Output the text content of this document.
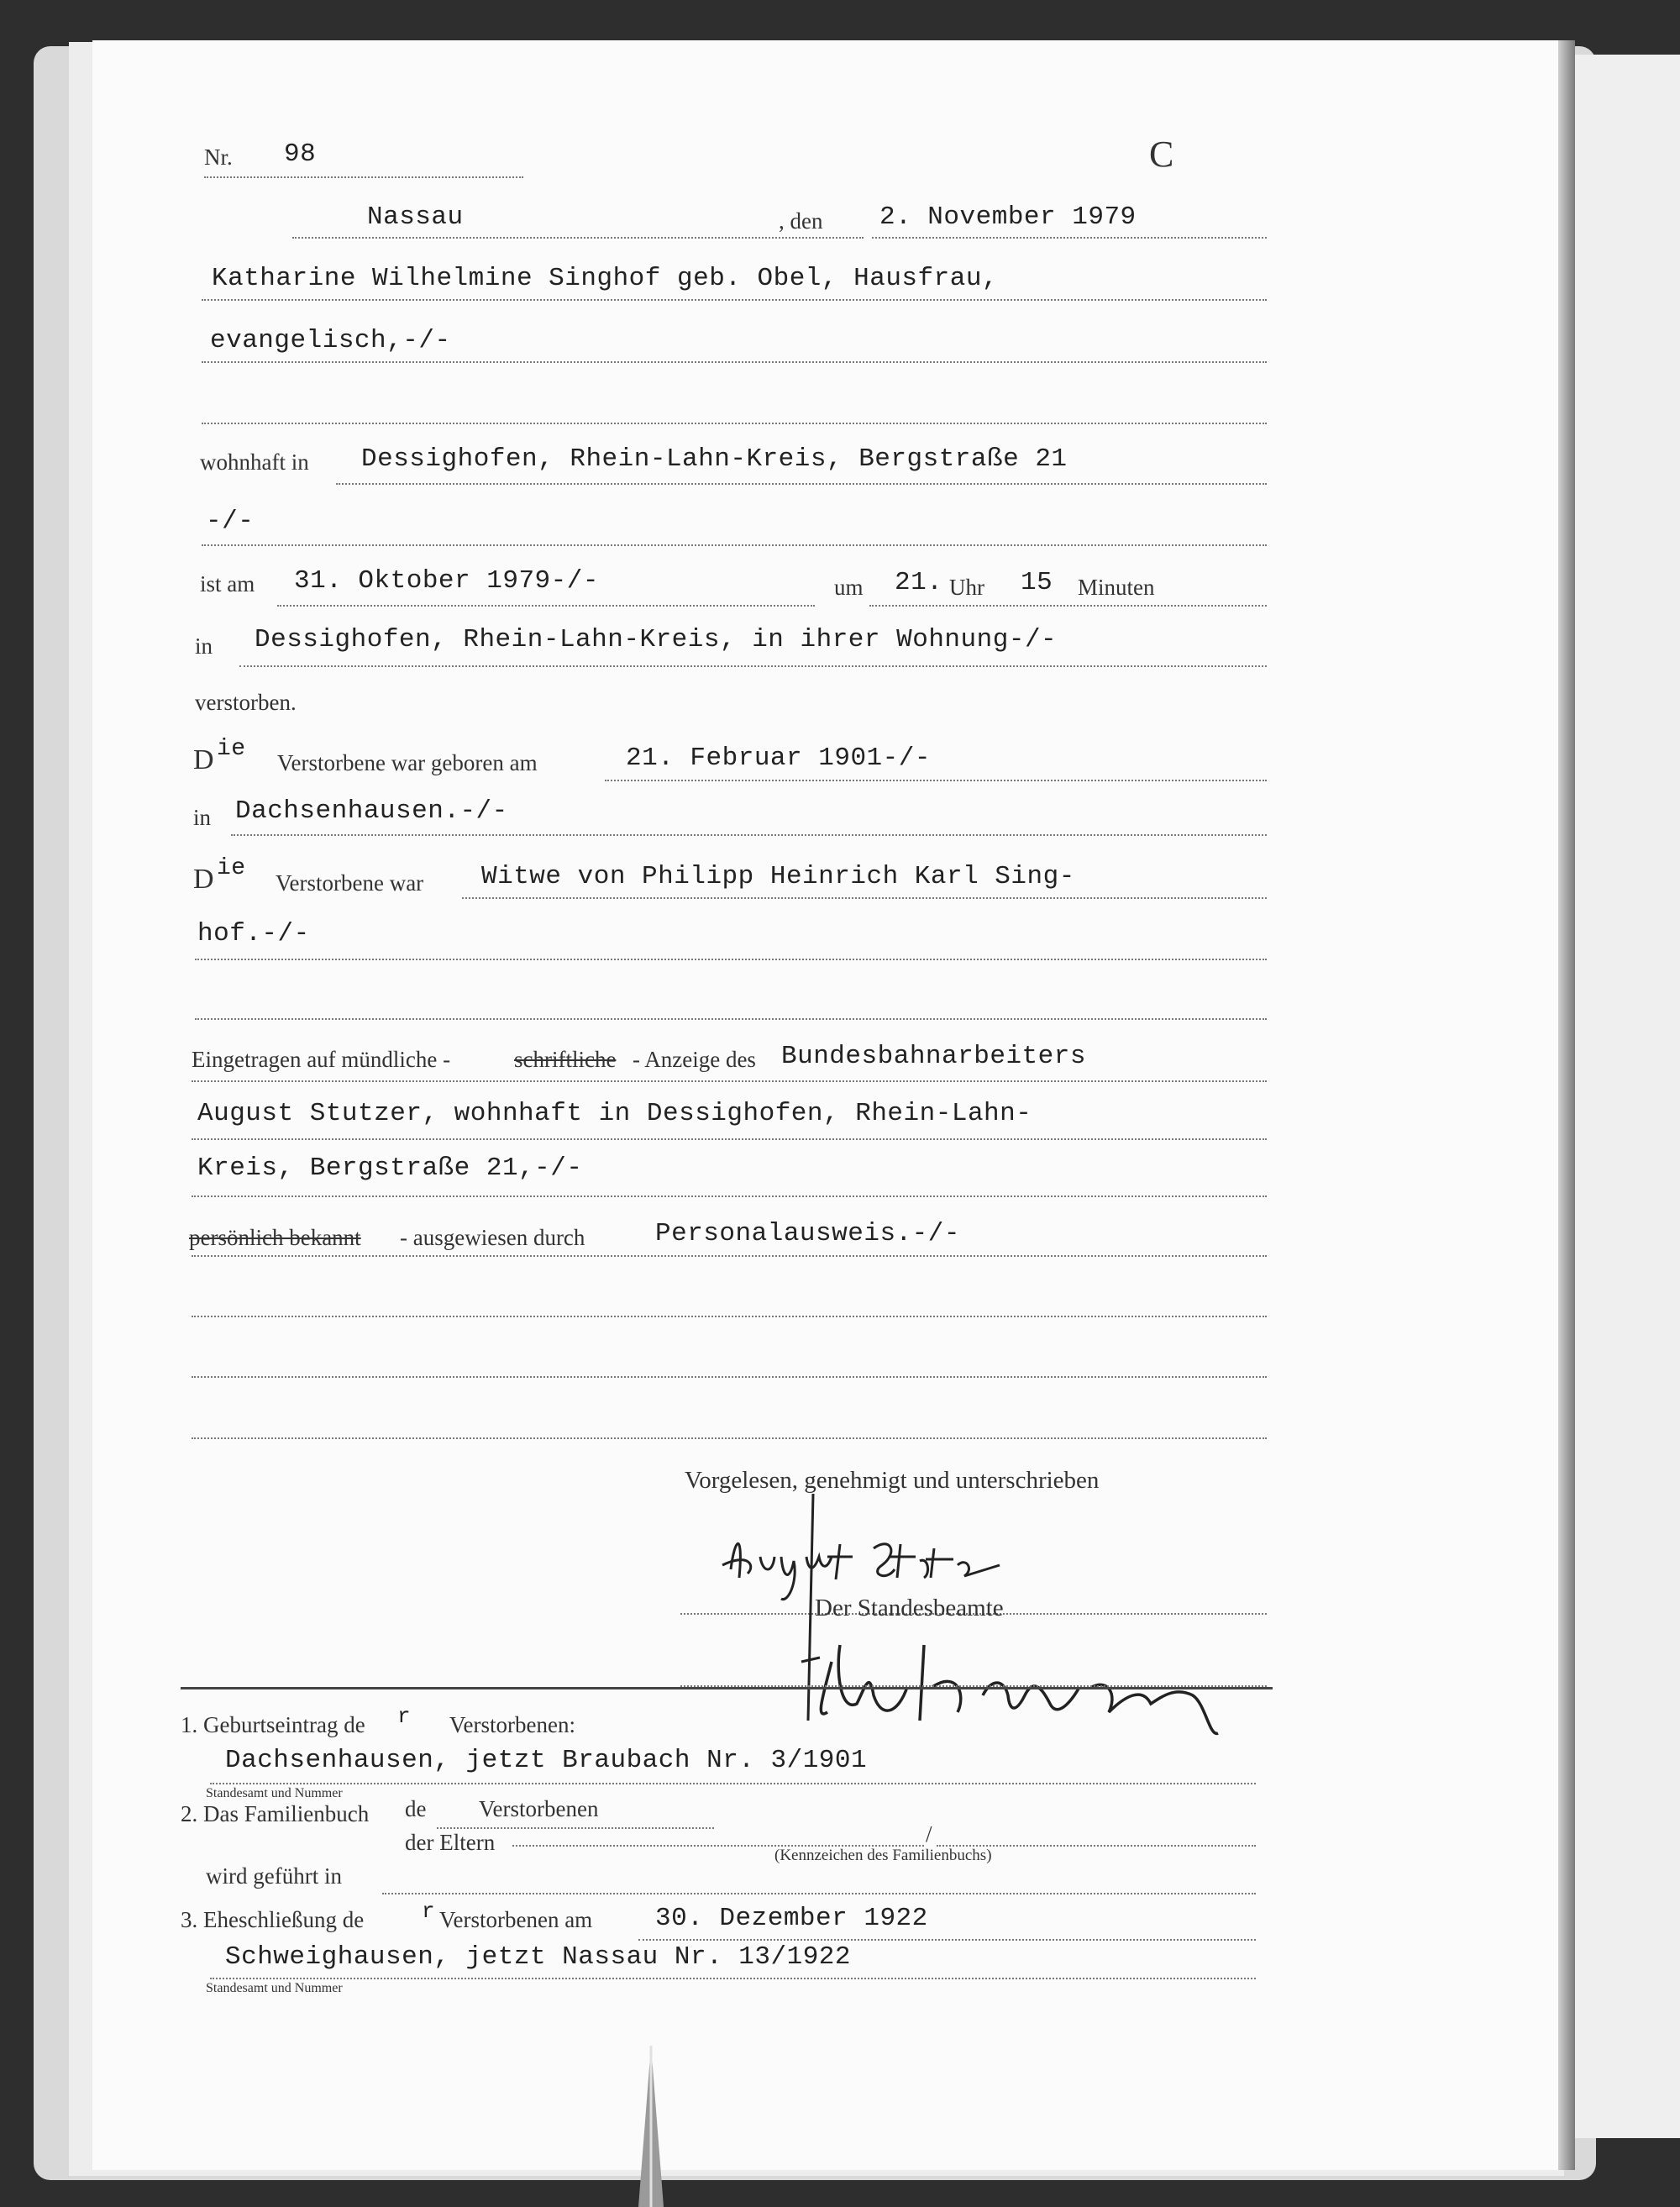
Nr. 98	C
Nassau	, den 2. November 1979
Katharine Wilhelmine Singhof geb. Obel, Hausfrau,
evangelisch,-/-
wohnhaft in Dessighofen, Rhein-Lahn-Kreis, Bergstraße 21
-/-
ist am 31. Oktober 1979-/-	um 21. Uhr 15 Minuten
in Dessighofen, Rhein-Lahn-Kreis, in ihrer Wohnung-/-
verstorben.
D ie
Verstorbene war geboren am	21. Februar 1901-/-
in Dachsenhausen.-/-
D ie
Verstorbene war Witwe von Philipp Heinrich Karl Sing-
hof.-/-
Eingetragen auf mündliche -	schriftliche - Anzeige des Bundesbahnarbeiters
August Stutzer, wohnhaft in Dessighofen, Rhein-Lahn-
Kreis, Bergstraße 21,-/-
persönlich bekannt - ausgewiesen durch	Personalausweis.-/-
Vorgelesen, genehmigt und unterschrieben
Der Standesbeamte
1. Geburtseintrag de r Verstorbenen:
Dachsenhausen, jetzt Braubach Nr. 3/1901
Standesamt und Nummer
2. Das Familienbuch de Verstorbenen
der Eltern	/
(Kennzeichen des Familienbuchs)
wird geführt in
3. Eheschließung de	r Verstorbenen am 30. Dezember 1922
Schweighausen, jetzt Nassau Nr. 13/1922
Standesamt und Nummer
